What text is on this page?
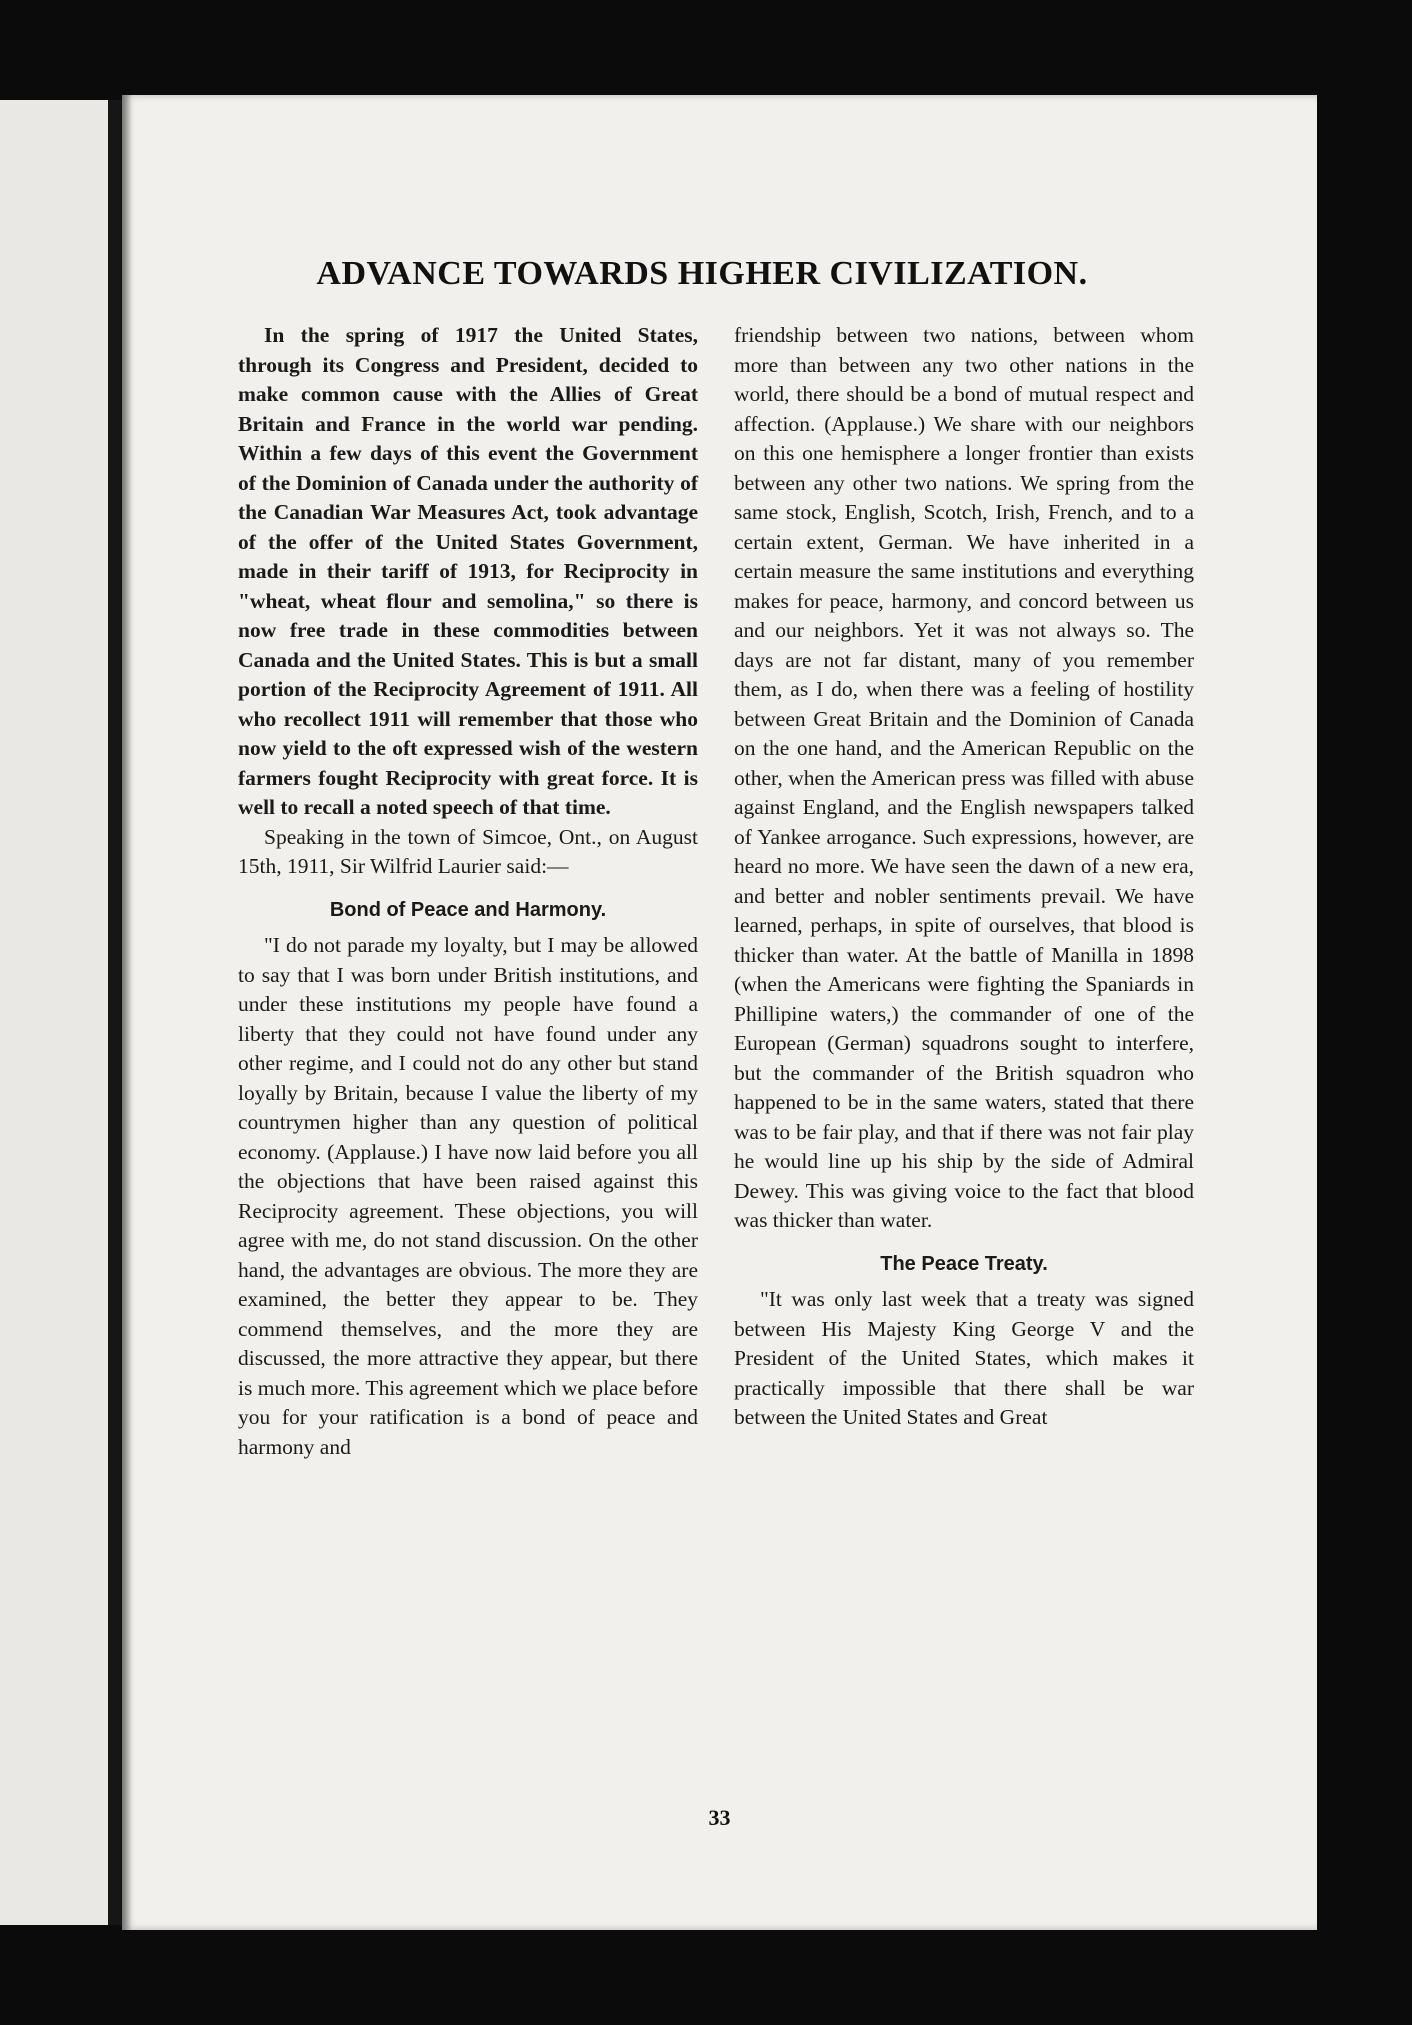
ADVANCE TOWARDS HIGHER CIVILIZATION.

In the spring of 1917 the United States, through its Congress and President, decided to make common cause with the Allies of Great Britain and France in the world war pending. Within a few days of this event the Government of the Dominion of Canada under the authority of the Canadian War Measures Act, took advantage of the offer of the United States Government, made in their tariff of 1913, for Reciprocity in "wheat, wheat flour and semolina," so there is now free trade in these commodities between Canada and the United States. This is but a small portion of the Reciprocity Agreement of 1911. All who recollect 1911 will remember that those who now yield to the oft expressed wish of the western farmers fought Reciprocity with great force. It is well to recall a noted speech of that time.

Speaking in the town of Simcoe, Ont., on August 15th, 1911, Sir Wilfrid Laurier said:—

Bond of Peace and Harmony.

"I do not parade my loyalty, but I may be allowed to say that I was born under British institutions, and under these institutions my people have found a liberty that they could not have found under any other regime, and I could not do any other but stand loyally by Britain, because I value the liberty of my countrymen higher than any question of political economy. (Applause.) I have now laid before you all the objections that have been raised against this Reciprocity agreement. These objections, you will agree with me, do not stand discussion. On the other hand, the advantages are obvious. The more they are examined, the better they appear to be. They commend themselves, and the more they are discussed, the more attractive they appear, but there is much more. This agreement which we place before you for your ratification is a bond of peace and harmony and

friendship between two nations, between whom more than between any two other nations in the world, there should be a bond of mutual respect and affection. (Applause.) We share with our neighbors on this one hemisphere a longer frontier than exists between any other two nations. We spring from the same stock, English, Scotch, Irish, French, and to a certain extent, German. We have inherited in a certain measure the same institutions and everything makes for peace, harmony, and concord between us and our neighbors. Yet it was not always so. The days are not far distant, many of you remember them, as I do, when there was a feeling of hostility between Great Britain and the Dominion of Canada on the one hand, and the American Republic on the other, when the American press was filled with abuse against England, and the English newspapers talked of Yankee arrogance. Such expressions, however, are heard no more. We have seen the dawn of a new era, and better and nobler sentiments prevail. We have learned, perhaps, in spite of ourselves, that blood is thicker than water. At the battle of Manilla in 1898 (when the Americans were fighting the Spaniards in Phillipine waters,) the commander of one of the European (German) squadrons sought to interfere, but the commander of the British squadron who happened to be in the same waters, stated that there was to be fair play, and that if there was not fair play he would line up his ship by the side of Admiral Dewey. This was giving voice to the fact that blood was thicker than water.

The Peace Treaty.

"It was only last week that a treaty was signed between His Majesty King George V and the President of the United States, which makes it practically impossible that there shall be war between the United States and Great

33
